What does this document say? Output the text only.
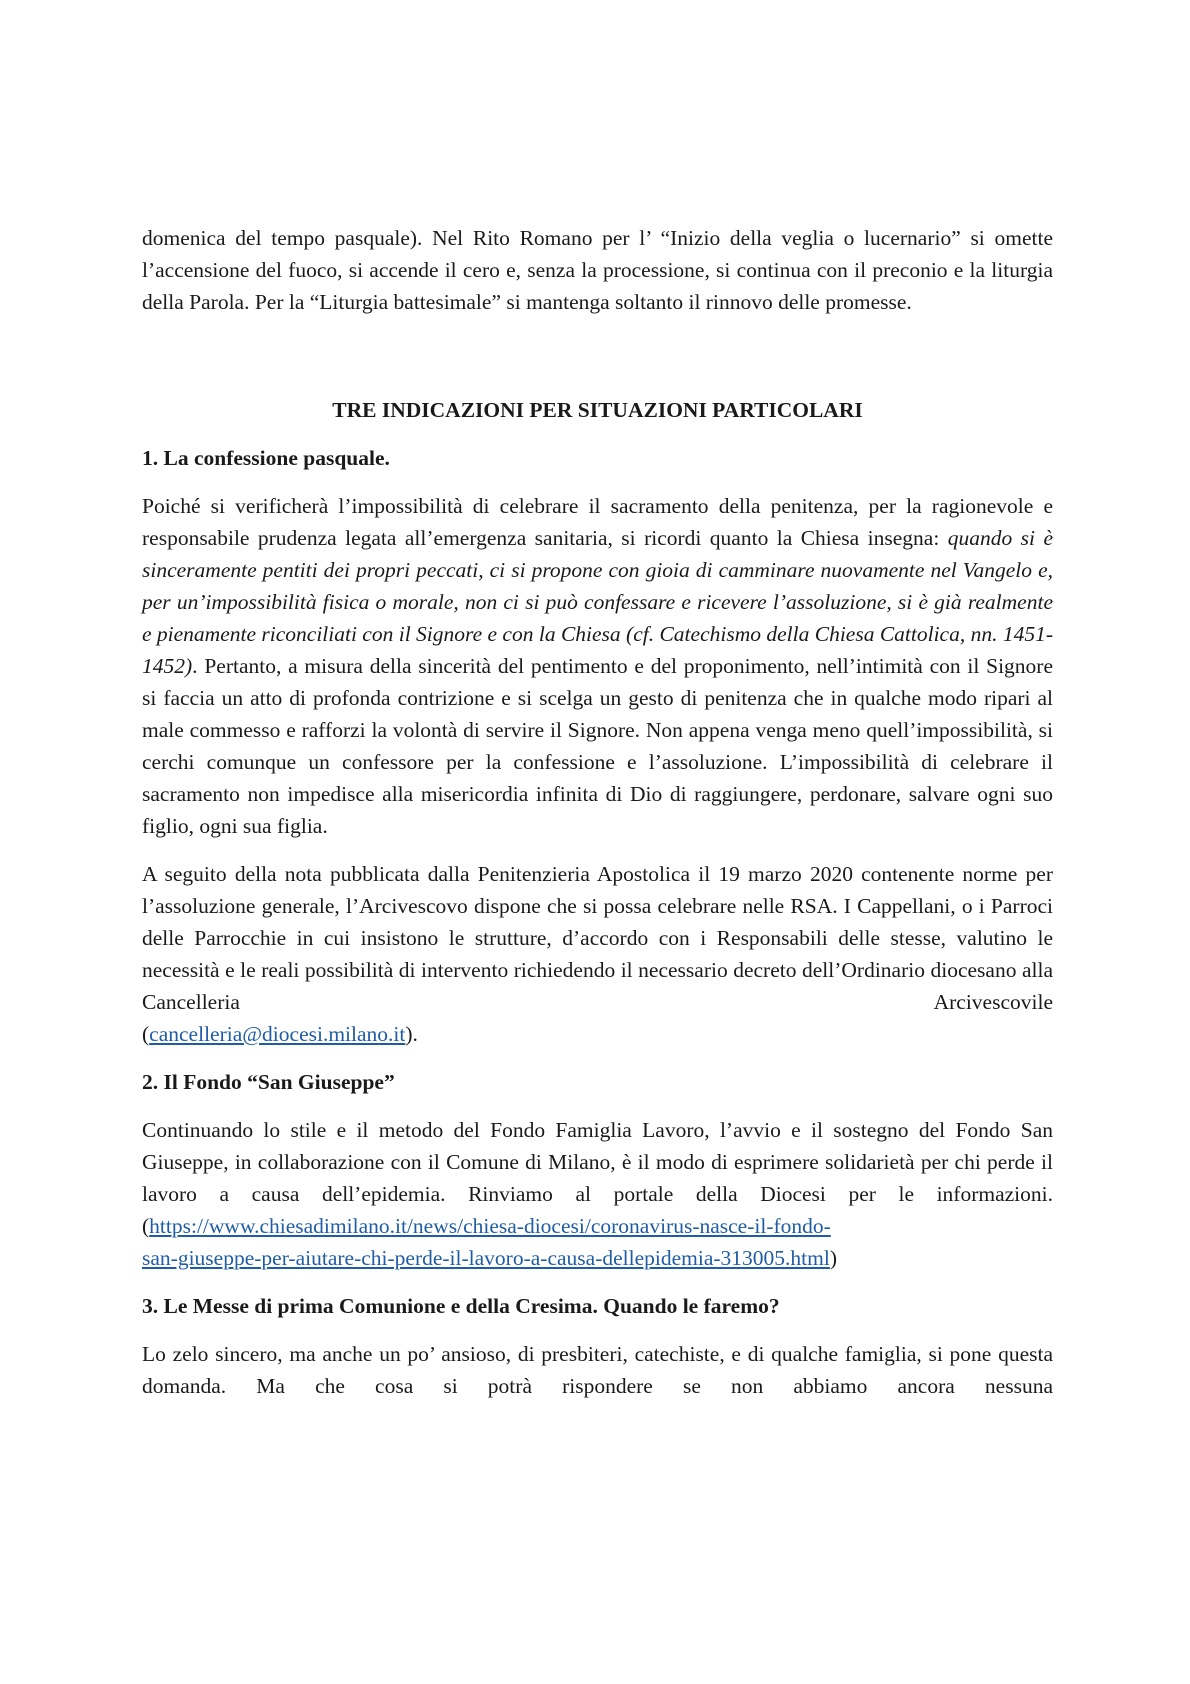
domenica del tempo pasquale). Nel Rito Romano per l’ “Inizio della veglia o lucernario” si omette l’accensione del fuoco, si accende il cero e, senza la processione, si continua con il preconio e la liturgia della Parola. Per la “Liturgia battesimale” si mantenga soltanto il rinnovo delle promesse.

TRE INDICAZIONI PER SITUAZIONI PARTICOLARI

1. La confessione pasquale.

Poiché si verificherà l’impossibilità di celebrare il sacramento della penitenza, per la ragionevole e responsabile prudenza legata all’emergenza sanitaria, si ricordi quanto la Chiesa insegna: quando si è sinceramente pentiti dei propri peccati, ci si propone con gioia di camminare nuovamente nel Vangelo e, per un’impossibilità fisica o morale, non ci si può confessare e ricevere l’assoluzione, si è già realmente e pienamente riconciliati con il Signore e con la Chiesa (cf. Catechismo della Chiesa Cattolica, nn. 1451-1452). Pertanto, a misura della sincerità del pentimento e del proponimento, nell’intimità con il Signore si faccia un atto di profonda contrizione e si scelga un gesto di penitenza che in qualche modo ripari al male commesso e rafforzi la volontà di servire il Signore. Non appena venga meno quell’impossibilità, si cerchi comunque un confessore per la confessione e l’assoluzione. L’impossibilità di celebrare il sacramento non impedisce alla misericordia infinita di Dio di raggiungere, perdonare, salvare ogni suo figlio, ogni sua figlia.

A seguito della nota pubblicata dalla Penitenzieria Apostolica il 19 marzo 2020 contenente norme per l’assoluzione generale, l’Arcivescovo dispone che si possa celebrare nelle RSA. I Cappellani, o i Parroci delle Parrocchie in cui insistono le strutture, d’accordo con i Responsabili delle stesse, valutino le necessità e le reali possibilità di intervento richiedendo il necessario decreto dell’Ordinario diocesano alla Cancelleria Arcivescovile

(cancelleria@diocesi.milano.it).

2. Il Fondo “San Giuseppe”

Continuando lo stile e il metodo del Fondo Famiglia Lavoro, l’avvio e il sostegno del Fondo San Giuseppe, in collaborazione con il Comune di Milano, è il modo di esprimere solidarietà per chi perde il lavoro a causa dell’epidemia. Rinviamo al portale della Diocesi per le informazioni. (https://www.chiesadimilano.it/news/chiesa-diocesi/coronavirus-nasce-il-fondo-
san-giuseppe-per-aiutare-chi-perde-il-lavoro-a-causa-dellepidemia-313005.html)

3. Le Messe di prima Comunione e della Cresima. Quando le faremo?

Lo zelo sincero, ma anche un po’ ansioso, di presbiteri, catechiste, e di qualche famiglia, si pone questa domanda. Ma che cosa si potrà rispondere se non abbiamo ancora nessuna
